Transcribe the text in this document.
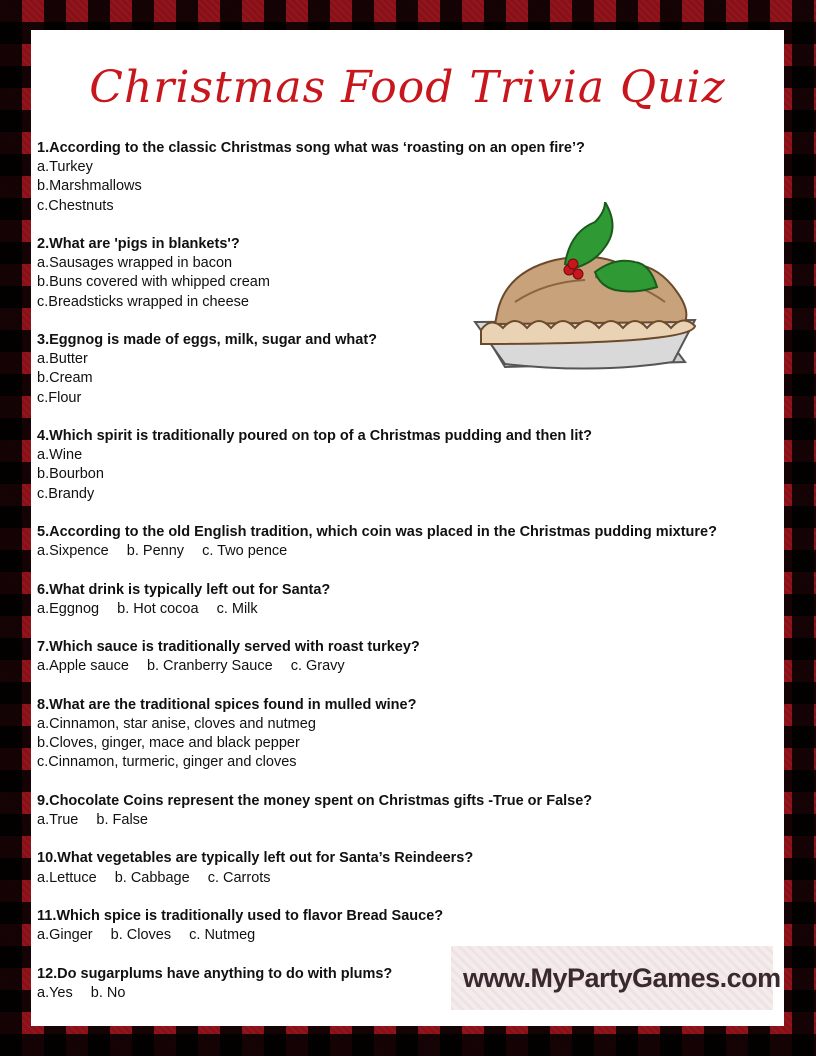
Christmas Food Trivia Quiz
1.According to the classic Christmas song what was ‘roasting on an open fire’?
a.Turkey
b.Marshmallows
c.Chestnuts
2.What are 'pigs in blankets'?
a.Sausages wrapped in bacon
b.Buns covered with whipped cream
c.Breadsticks wrapped in cheese
3.Eggnog is made of eggs, milk, sugar and what?
a.Butter
b.Cream
c.Flour
4.Which spirit is traditionally poured on top of a Christmas pudding and then lit?
a.Wine
b.Bourbon
c.Brandy
5.According to the old English tradition, which coin was placed in the Christmas pudding mixture?
a.Sixpence b. Penny c. Two pence
6.What drink is typically left out for Santa?
a.Eggnog b. Hot cocoa c. Milk
7.Which sauce is traditionally served with roast turkey?
a.Apple sauce b. Cranberry Sauce c. Gravy
8.What are the traditional spices found in mulled wine?
a.Cinnamon, star anise, cloves and nutmeg
b.Cloves, ginger, mace and black pepper
c.Cinnamon, turmeric, ginger and cloves
9.Chocolate Coins represent the money spent on Christmas gifts -True or False?
a.True b. False
10.What vegetables are typically left out for Santa’s Reindeers?
a.Lettuce b. Cabbage c. Carrots
11.Which spice is traditionally used to flavor Bread Sauce?
a.Ginger b. Cloves c. Nutmeg
12.Do sugarplums have anything to do with plums?
a.Yes b. No
www.MyPartyGames.com
